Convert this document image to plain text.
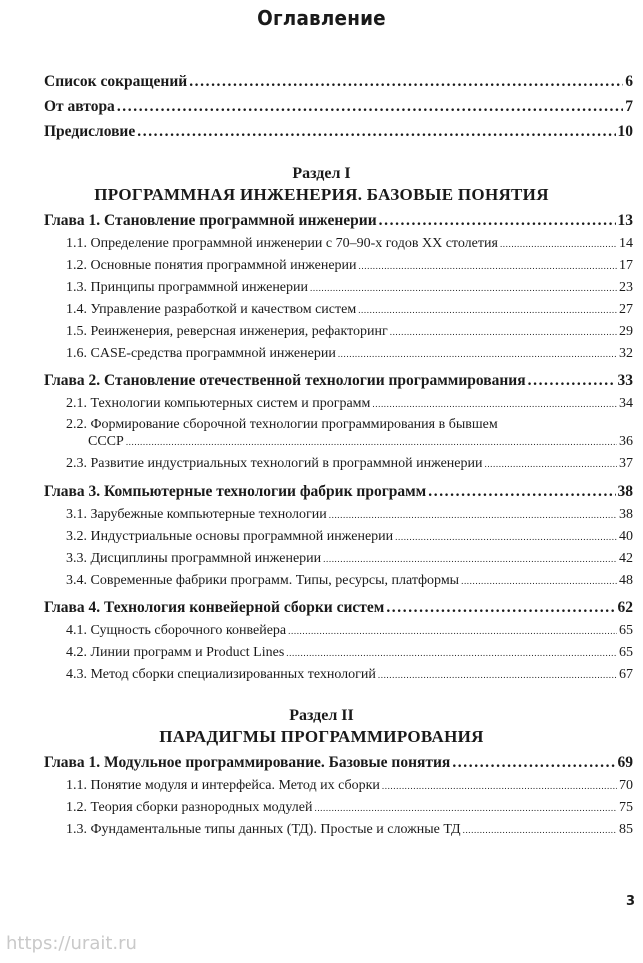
Оглавление
Список сокращений .....	6
От автора .....	7
Предисловие .....	10
Раздел I
ПРОГРАММНАЯ ИНЖЕНЕРИЯ. БАЗОВЫЕ ПОНЯТИЯ
Глава 1. Становление программной инженерии .....	13
1.1. Определение программной инженерии с 70–90-х годов XX столетия .....	14
1.2. Основные понятия программной инженерии .....	17
1.3. Принципы программной инженерии .....	23
1.4. Управление разработкой и качеством систем .....	27
1.5. Реинженерия, реверсная инженерия, рефакторинг .....	29
1.6. CASE-средства программной инженерии .....	32
Глава 2. Становление отечественной технологии программирования .....	33
2.1. Технологии компьютерных систем и программ .....	34
2.2. Формирование сборочной технологии программирования в бывшем
СССР .....	36
2.3. Развитие индустриальных технологий в программной инженерии .....	37
Глава 3. Компьютерные технологии фабрик программ .....	38
3.1. Зарубежные компьютерные технологии .....	38
3.2. Индустриальные основы программной инженерии .....	40
3.3. Дисциплины программной инженерии .....	42
3.4. Современные фабрики программ. Типы, ресурсы, платформы .....	48
Глава 4. Технология конвейерной сборки систем .....	62
4.1. Сущность сборочного конвейера .....	65
4.2. Линии программ и Product Lines .....	65
4.3. Метод сборки специализированных технологий .....	67
Раздел II
ПАРАДИГМЫ ПРОГРАММИРОВАНИЯ
Глава 1. Модульное программирование. Базовые понятия .....	69
1.1. Понятие модуля и интерфейса. Метод их сборки .....	70
1.2. Теория сборки разнородных модулей .....	75
1.3. Фундаментальные типы данных (ТД). Простые и сложные ТД .....	85
3
https://urait.ru
